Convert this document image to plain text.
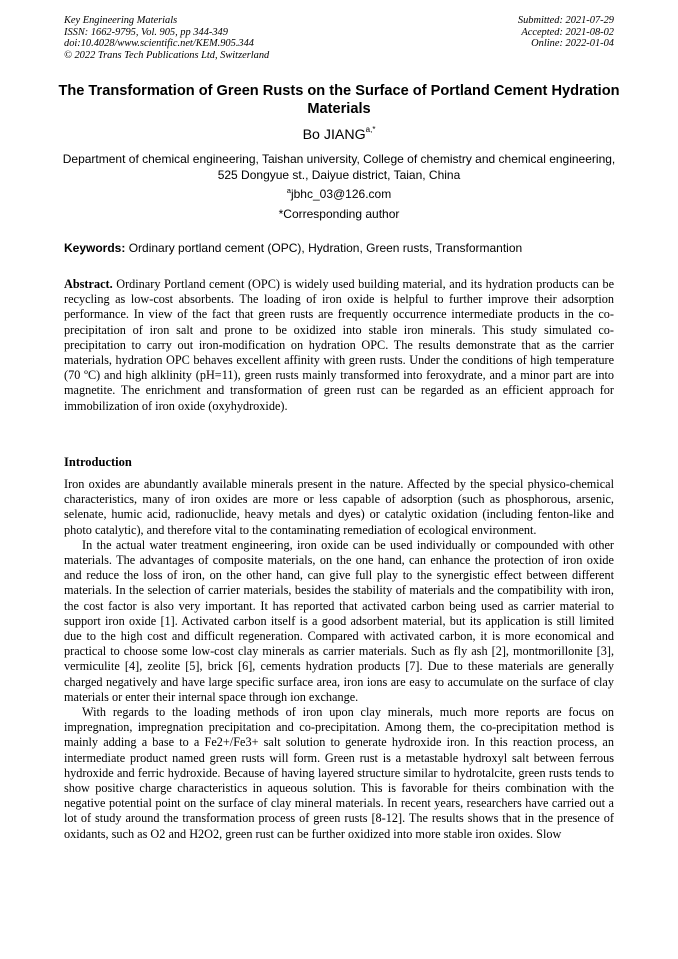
Key Engineering Materials
ISSN: 1662-9795, Vol. 905, pp 344-349
doi:10.4028/www.scientific.net/KEM.905.344
© 2022 Trans Tech Publications Ltd, Switzerland
Submitted: 2021-07-29
Accepted: 2021-08-02
Online: 2022-01-04
The Transformation of Green Rusts on the Surface of Portland Cement Hydration Materials
Bo $JIANG^{a,*}$
Department of chemical engineering, Taishan university, College of chemistry and chemical engineering, 525 Dongyue st., Daiyue district, Taian, China
$^a$jbhc_03@126.com
*Corresponding author
Keywords: Ordinary portland cement (OPC), Hydration, Green rusts, Transformantion
Abstract. Ordinary Portland cement (OPC) is widely used building material, and its hydration products can be recycling as low-cost absorbents. The loading of iron oxide is helpful to further improve their adsorption performance. In view of the fact that green rusts are frequently occurrence intermediate products in the co-precipitation of iron salt and prone to be oxidized into stable iron minerals. This study simulated co-precipitation to carry out iron-modification on hydration OPC. The results demonstrate that as the carrier materials, hydration OPC behaves excellent affinity with green rusts. Under the conditions of high temperature (70 ºC) and high alklinity (pH=11), green rusts mainly transformed into feroxydrate, and a minor part are into magnetite. The enrichment and transformation of green rust can be regarded as an efficient approach for immobilization of iron oxide (oxyhydroxide).
Introduction

Iron oxides are abundantly available minerals present in the nature. Affected by the special physico-chemical characteristics, many of iron oxides are more or less capable of adsorption (such as phosphorous, arsenic, selenate, humic acid, radionuclide, heavy metals and dyes) or catalytic oxidation (including fenton-like and photo catalytic), and therefore vital to the contaminating remediation of ecological environment.

In the actual water treatment engineering, iron oxide can be used individually or compounded with other materials. The advantages of composite materials, on the one hand, can enhance the protection of iron oxide and reduce the loss of iron, on the other hand, can give full play to the synergistic effect between different materials. In the selection of carrier materials, besides the stability of materials and the compatibility with iron, the cost factor is also very important. It has reported that activated carbon being used as carrier material to support iron oxide [1]. Activated carbon itself is a good adsorbent material, but its application is still limited due to the high cost and difficult regeneration. Compared with activated carbon, it is more economical and practical to choose some low-cost clay minerals as carrier materials. Such as fly ash [2], montmorillonite [3], vermiculite [4], zeolite [5], brick [6], cements hydration products [7]. Due to these materials are generally charged negatively and have large specific surface area, iron ions are easy to accumulate on the surface of clay materials or enter their internal space through ion exchange.

With regards to the loading methods of iron upon clay minerals, much more reports are focus on impregnation, impregnation precipitation and co-precipitation. Among them, the co-precipitation method is mainly adding a base to a Fe2+/Fe3+ salt solution to generate hydroxide iron. In this reaction process, an intermediate product named green rusts will form. Green rust is a metastable hydroxyl salt between ferrous hydroxide and ferric hydroxide. Because of having layered structure similar to hydrotalcite, green rusts tends to show positive charge characteristics in aqueous solution. This is favorable for theirs combination with the negative potential point on the surface of clay mineral materials. In recent years, researchers have carried out a lot of study around the transformation process of green rusts [8-12]. The results shows that in the presence of oxidants, such as O2 and H2O2, green rust can be further oxidized into more stable iron oxides. Slow
